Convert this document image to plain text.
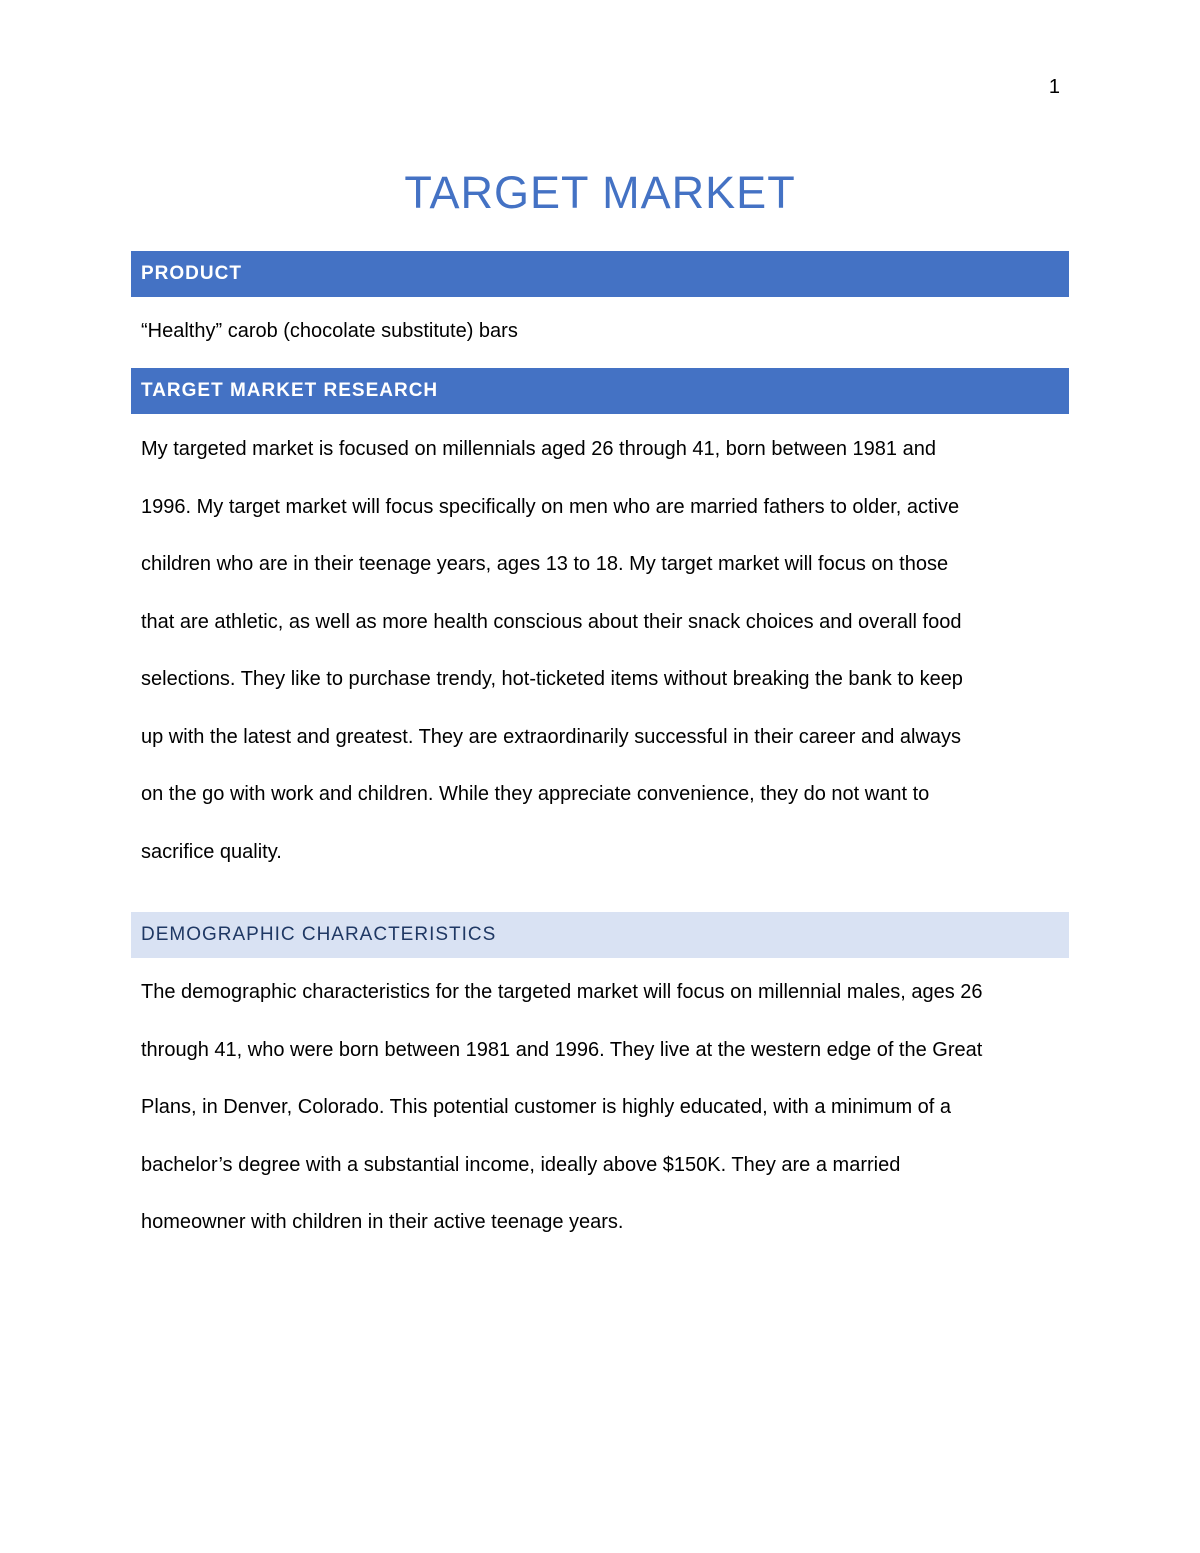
1
TARGET MARKET
PRODUCT

“Healthy” carob (chocolate substitute) bars

TARGET MARKET RESEARCH
My targeted market is focused on millennials aged 26 through 41, born between 1981 and
1996. My target market will focus specifically on men who are married fathers to older, active
children who are in their teenage years, ages 13 to 18. My target market will focus on those
that are athletic, as well as more health conscious about their snack choices and overall food
selections. They like to purchase trendy, hot-ticketed items without breaking the bank to keep
up with the latest and greatest. They are extraordinarily successful in their career and always
on the go with work and children. While they appreciate convenience, they do not want to
sacrifice quality.
DEMOGRAPHIC CHARACTERISTICS
The demographic characteristics for the targeted market will focus on millennial males, ages 26
through 41, who were born between 1981 and 1996. They live at the western edge of the Great
Plans, in Denver, Colorado. This potential customer is highly educated, with a minimum of a
bachelor’s degree with a substantial income, ideally above $150K. They are a married
homeowner with children in their active teenage years.
